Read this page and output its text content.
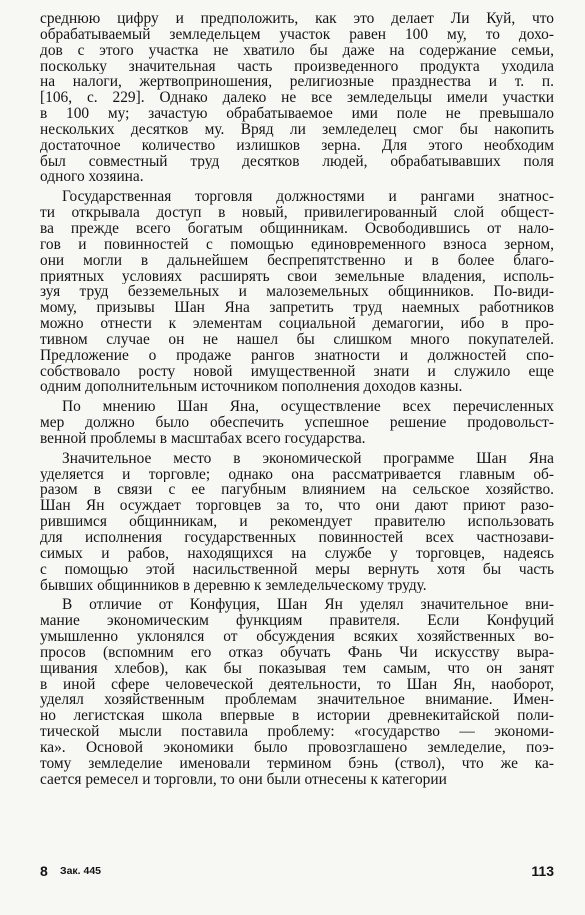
среднюю цифру и предположить, как это делает Ли Куй, что
обрабатываемый земледельцем участок равен 100 му, то дохо-
дов с этого участка не хватило бы даже на содержание семьи,
поскольку значительная часть произведенного продукта уходила
на налоги, жертвоприношения, религиозные празднества и т. п.
[106, с. 229]. Однако далеко не все земледельцы имели участки
в 100 му; зачастую обрабатываемое ими поле не превышало
нескольких десятков му. Вряд ли земледелец смог бы накопить
достаточное количество излишков зерна. Для этого необходим
был совместный труд десятков людей, обрабатывавших поля
одного хозяина.
Государственная торговля должностями и рангами знатнос-
ти открывала доступ в новый, привилегированный слой общест-
ва прежде всего богатым общинникам. Освободившись от нало-
гов и повинностей с помощью единовременного взноса зерном,
они могли в дальнейшем беспрепятственно и в более благо-
приятных условиях расширять свои земельные владения, исполь-
зуя труд безземельных и малоземельных общинников. По-види-
мому, призывы Шан Яна запретить труд наемных работников
можно отнести к элементам социальной демагогии, ибо в про-
тивном случае он не нашел бы слишком много покупателей.
Предложение о продаже рангов знатности и должностей спо-
собствовало росту новой имущественной знати и служило еще
одним дополнительным источником пополнения доходов казны.
По мнению Шан Яна, осуществление всех перечисленных
мер должно было обеспечить успешное решение продовольст-
венной проблемы в масштабах всего государства.
Значительное место в экономической программе Шан Яна
уделяется и торговле; однако она рассматривается главным об-
разом в связи с ее пагубным влиянием на сельское хозяйство.
Шан Ян осуждает торговцев за то, что они дают приют разо-
рившимся общинникам, и рекомендует правителю использовать
для исполнения государственных повинностей всех частнозави-
симых и рабов, находящихся на службе у торговцев, надеясь
с помощью этой насильственной меры вернуть хотя бы часть
бывших общинников в деревню к земледельческому труду.
В отличие от Конфуция, Шан Ян уделял значительное вни-
мание экономическим функциям правителя. Если Конфуций
умышленно уклонялся от обсуждения всяких хозяйственных во-
просов (вспомним его отказ обучать Фань Чи искусству выра-
щивания хлебов), как бы показывая тем самым, что он занят
в иной сфере человеческой деятельности, то Шан Ян, наоборот,
уделял хозяйственным проблемам значительное внимание. Имен-
но легистская школа впервые в истории древнекитайской поли-
тической мысли поставила проблему: «государство — экономи-
ка». Основой экономики было провозглашено земледелие, поэ-
тому земледелие именовали термином бэнь (ствол), что же ка-
сается ремесел и торговли, то они были отнесены к категории
8 Зак. 445	113
